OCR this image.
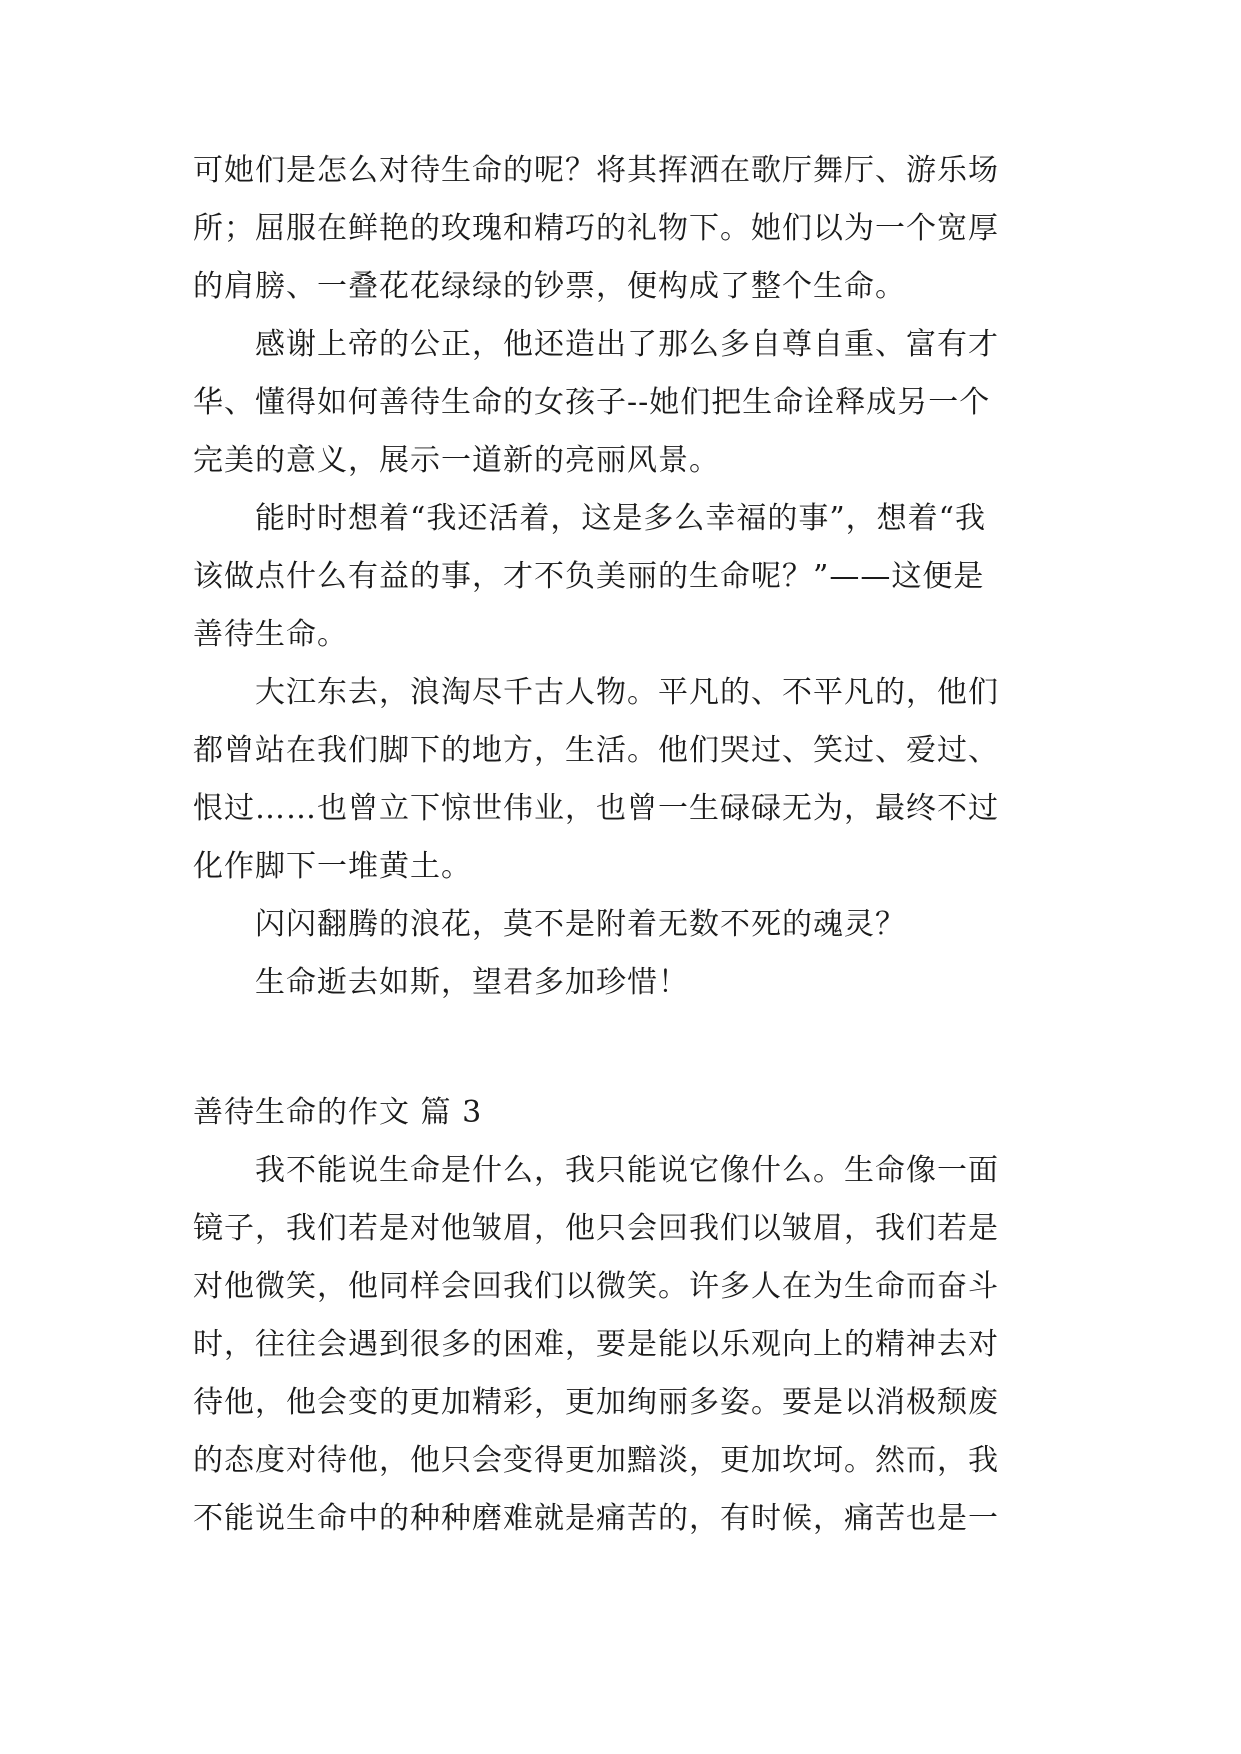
可她们是怎么对待生命的呢？将其挥洒在歌厅舞厅、游乐场
所；屈服在鲜艳的玫瑰和精巧的礼物下。她们以为一个宽厚
的肩膀、一叠花花绿绿的钞票，便构成了整个生命。
　　感谢上帝的公正，他还造出了那么多自尊自重、富有才
华、懂得如何善待生命的女孩子--她们把生命诠释成另一个
完美的意义，展示一道新的亮丽风景。
　　能时时想着“我还活着，这是多么幸福的事”，想着“我
该做点什么有益的事，才不负美丽的生命呢？”——这便是
善待生命。
　　大江东去，浪淘尽千古人物。平凡的、不平凡的，他们
都曾站在我们脚下的地方，生活。他们哭过、笑过、爱过、
恨过……也曾立下惊世伟业，也曾一生碌碌无为，最终不过
化作脚下一堆黄土。
　　闪闪翻腾的浪花，莫不是附着无数不死的魂灵？
　　生命逝去如斯，望君多加珍惜！
善待生命的作文 篇 3
　　我不能说生命是什么，我只能说它像什么。生命像一面
镜子，我们若是对他皱眉，他只会回我们以皱眉，我们若是
对他微笑，他同样会回我们以微笑。许多人在为生命而奋斗
时，往往会遇到很多的困难，要是能以乐观向上的精神去对
待他，他会变的更加精彩，更加绚丽多姿。要是以消极颓废
的态度对待他，他只会变得更加黯淡，更加坎坷。然而，我
不能说生命中的种种磨难就是痛苦的，有时候，痛苦也是一
